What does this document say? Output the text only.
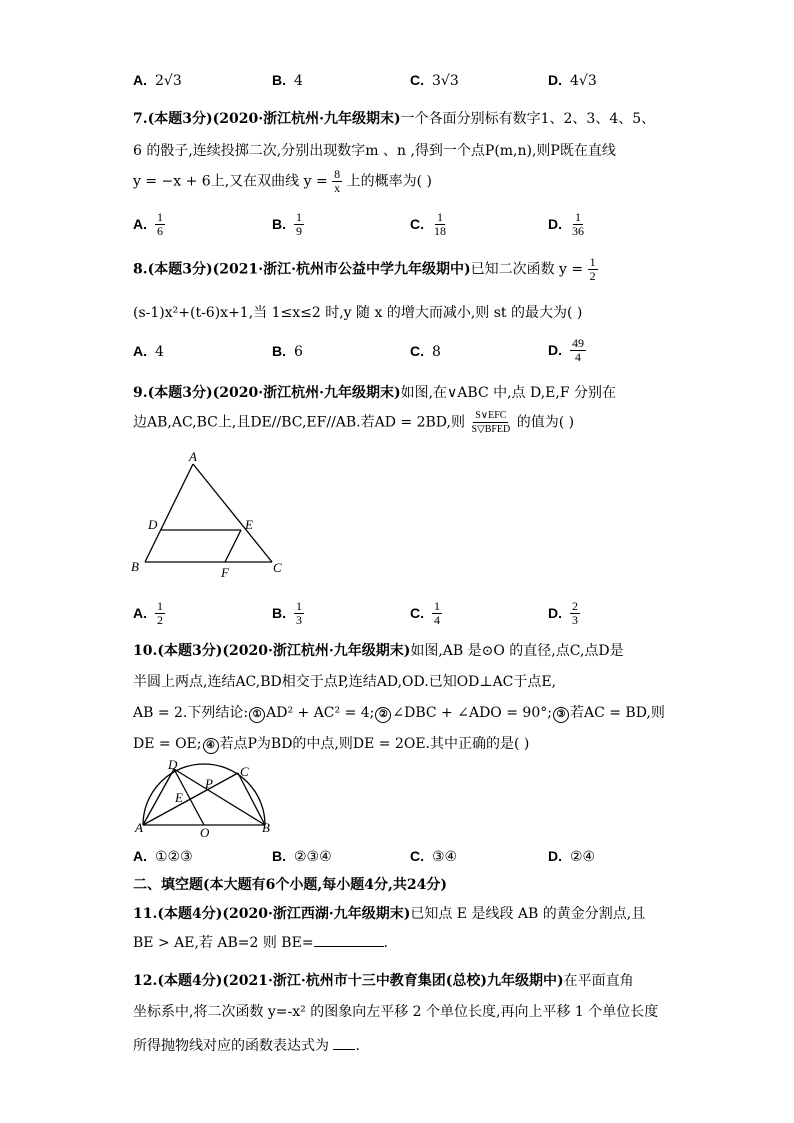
A. 2√3	B. 4	C. 3√3	D. 4√3
7.(本题3分)(2020·浙江杭州·九年级期末)一个各面分别标有数字1、2、3、4、5、
6 的骰子,连续投掷二次,分别出现数字m 、n ,得到一个点P(m,n),则P既在直线
y = −x + 6上,又在双曲线 $y = \frac{8}{x}$ 上的概率为( )
A. $\frac{1}{6}$	B. $\frac{1}{9}$	C. $\frac{1}{18}$	D. $\frac{1}{36}$
8.(本题3分)(2021·浙江·杭州市公益中学九年级期中)已知二次函数 $y = \frac{1}{2}$
(s-1)x²+(t-6)x+1,当 1≤x≤2 时,y 随 x 的增大而减小,则 st 的最大为( )
A. 4	B. 6	C. 8	D. $\frac{49}{4}$
9.(本题3分)(2020·浙江杭州·九年级期末)如图,在∨ABC 中,点 D,E,F 分别在
边AB,AC,BC上,且DE//BC,EF//AB.若AD = 2BD,则 $\frac{\text{S∨EFC}}{\text{S▽BFED}}$ 的值为( )
A
B	C
D	E
F
A. $\frac{1}{2}$	B. $\frac{1}{3}$	C. $\frac{1}{4}$	D. $\frac{2}{3}$
10.(本题3分)(2020·浙江杭州·九年级期末)如图,AB 是⊙O 的直径,点C,点D是
半圆上两点,连结AC,BD相交于点P,连结AD,OD.已知OD⊥AC于点E,
AB = 2.下列结论: ① AD² + AC² = 4; ② ∠DBC + ∠ADO = 90°; ③ 若AC = BD,则
DE = OE; ④ 若点P为BD的中点,则DE = 2OE.其中正确的是( )
D	C
P
E
A	O	B
A. ①②③	B. ②③④	C. ③④	D. ②④
二、填空题(本大题有6个小题,每小题4分,共24分)
11.(本题4分)(2020·浙江西湖·九年级期末)已知点 E 是线段 AB 的黄金分割点,且
BE > AE,若 AB=2 则 BE=	.
12.(本题4分)(2021·浙江·杭州市十三中教育集团(总校)九年级期中)在平面直角
坐标系中,将二次函数 y=-x² 的图象向左平移 2 个单位长度,再向上平移 1 个单位长度
所得抛物线对应的函数表达式为 .
